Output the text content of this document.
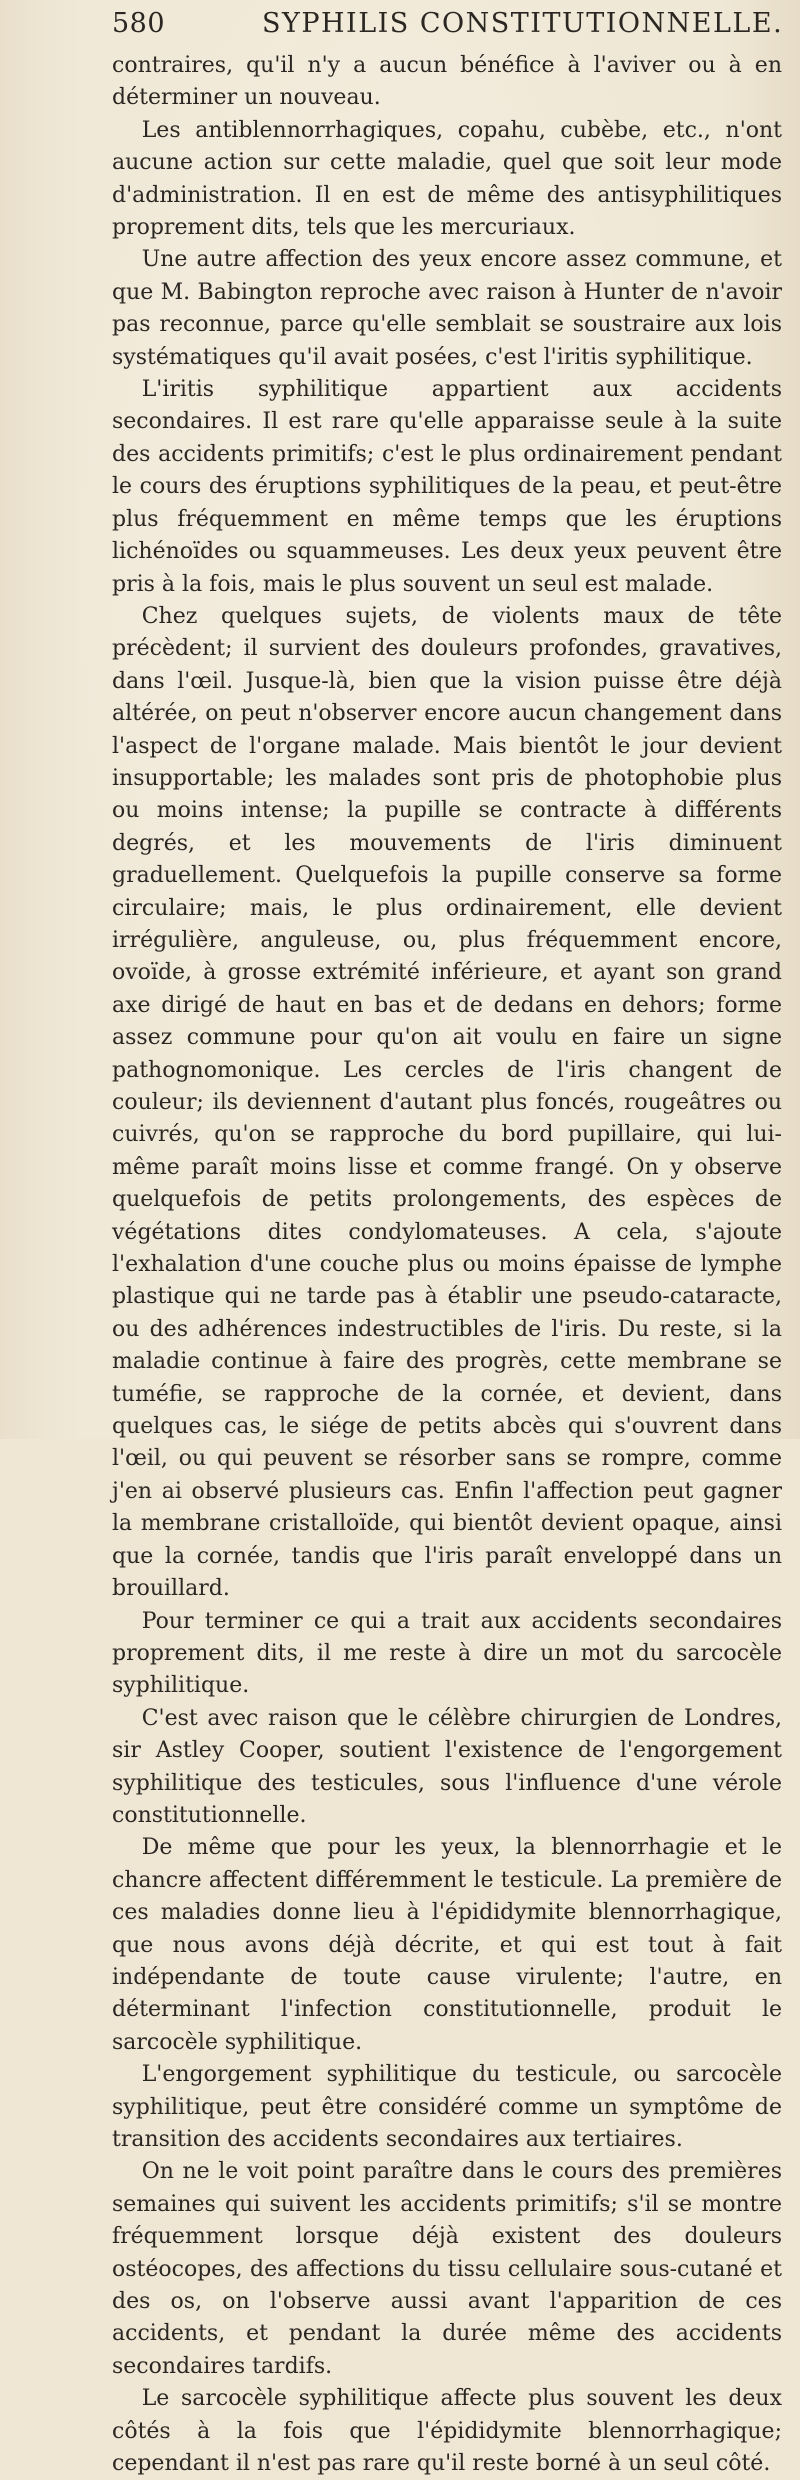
580	SYPHILIS CONSTITUTIONNELLE.

contraires, qu'il n'y a aucun bénéfice à l'aviver ou à en déterminer un nouveau.

Les antiblennorrhagiques, copahu, cubèbe, etc., n'ont aucune action sur cette maladie, quel que soit leur mode d'administration. Il en est de même des antisyphilitiques proprement dits, tels que les mercuriaux.

Une autre affection des yeux encore assez commune, et que M. Babington reproche avec raison à Hunter de n'avoir pas reconnue, parce qu'elle semblait se soustraire aux lois systématiques qu'il avait posées, c'est l'iritis syphilitique.

L'iritis syphilitique appartient aux accidents secondaires. Il est rare qu'elle apparaisse seule à la suite des accidents primitifs; c'est le plus ordinairement pendant le cours des éruptions syphilitiques de la peau, et peut-être plus fréquemment en même temps que les éruptions lichénoïdes ou squammeuses. Les deux yeux peuvent être pris à la fois, mais le plus souvent un seul est malade.

Chez quelques sujets, de violents maux de tête précèdent; il survient des douleurs profondes, gravatives, dans l'œil. Jusque-là, bien que la vision puisse être déjà altérée, on peut n'observer encore aucun changement dans l'aspect de l'organe malade. Mais bientôt le jour devient insupportable; les malades sont pris de photophobie plus ou moins intense; la pupille se contracte à différents degrés, et les mouvements de l'iris diminuent graduellement. Quelquefois la pupille conserve sa forme circulaire; mais, le plus ordinairement, elle devient irrégulière, anguleuse, ou, plus fréquemment encore, ovoïde, à grosse extrémité inférieure, et ayant son grand axe dirigé de haut en bas et de dedans en dehors; forme assez commune pour qu'on ait voulu en faire un signe pathognomonique. Les cercles de l'iris changent de couleur; ils deviennent d'autant plus foncés, rougeâtres ou cuivrés, qu'on se rapproche du bord pupillaire, qui lui-même paraît moins lisse et comme frangé. On y observe quelquefois de petits prolongements, des espèces de végétations dites condylomateuses. A cela, s'ajoute l'exhalation d'une couche plus ou moins épaisse de lymphe plastique qui ne tarde pas à établir une pseudo-cataracte, ou des adhérences indestructibles de l'iris. Du reste, si la maladie continue à faire des progrès, cette membrane se tuméfie, se rapproche de la cornée, et devient, dans quelques cas, le siége de petits abcès qui s'ouvrent dans l'œil, ou qui peuvent se résorber sans se rompre, comme j'en ai observé plusieurs cas. Enfin l'affection peut gagner la membrane cristalloïde, qui bientôt devient opaque, ainsi que la cornée, tandis que l'iris paraît enveloppé dans un brouillard.

Pour terminer ce qui a trait aux accidents secondaires proprement dits, il me reste à dire un mot du sarcocèle syphilitique.

C'est avec raison que le célèbre chirurgien de Londres, sir Astley Cooper, soutient l'existence de l'engorgement syphilitique des testicules, sous l'influence d'une vérole constitutionnelle.

De même que pour les yeux, la blennorrhagie et le chancre affectent différemment le testicule. La première de ces maladies donne lieu à l'épididymite blennorrhagique, que nous avons déjà décrite, et qui est tout à fait indépendante de toute cause virulente; l'autre, en déterminant l'infection constitutionnelle, produit le sarcocèle syphilitique.

L'engorgement syphilitique du testicule, ou sarcocèle syphilitique, peut être considéré comme un symptôme de transition des accidents secondaires aux tertiaires.

On ne le voit point paraître dans le cours des premières semaines qui suivent les accidents primitifs; s'il se montre fréquemment lorsque déjà existent des douleurs ostéocopes, des affections du tissu cellulaire sous-cutané et des os, on l'observe aussi avant l'apparition de ces accidents, et pendant la durée même des accidents secondaires tardifs.

Le sarcocèle syphilitique affecte plus souvent les deux côtés à la fois que l'épididymite blennorrhagique; cependant il n'est pas rare qu'il reste borné à un seul côté.
